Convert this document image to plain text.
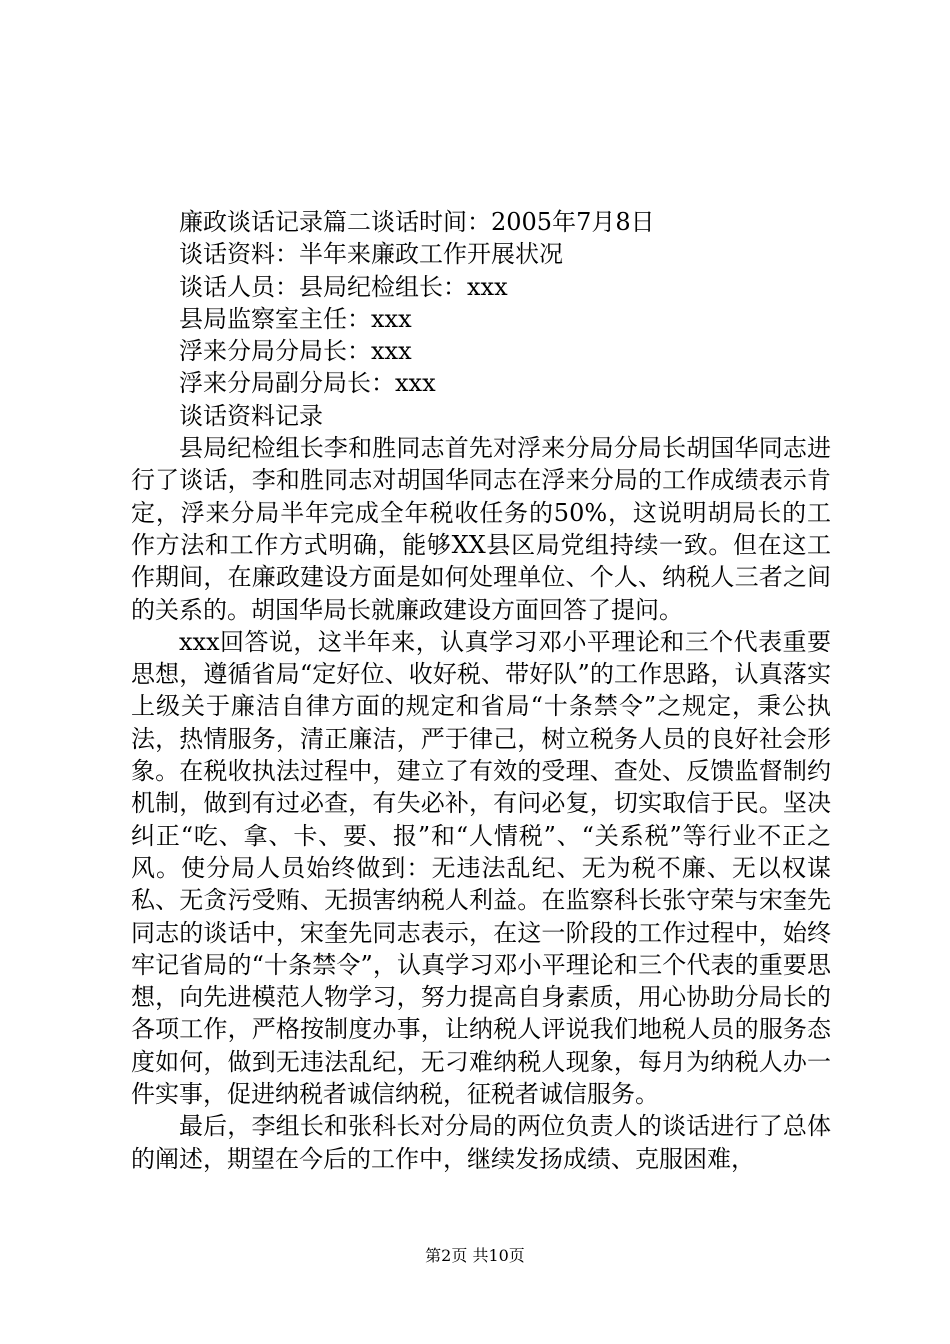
廉政谈话记录篇二谈话时间：2005年7月8日
谈话资料：半年来廉政工作开展状况
谈话人员：县局纪检组长：xxx
县局监察室主任：xxx
浮来分局分局长：xxx
浮来分局副分局长：xxx
谈话资料记录

县局纪检组长李和胜同志首先对浮来分局分局长胡国华同志进行了谈话，李和胜同志对胡国华同志在浮来分局的工作成绩表示肯定，浮来分局半年完成全年税收任务的50%，这说明胡局长的工作方法和工作方式明确，能够XX县区局党组持续一致。但在这工作期间，在廉政建设方面是如何处理单位、个人、纳税人三者之间的关系的。胡国华局长就廉政建设方面回答了提问。

xxx回答说，这半年来，认真学习邓小平理论和三个代表重要思想，遵循省局“定好位、收好税、带好队”的工作思路，认真落实上级关于廉洁自律方面的规定和省局“十条禁令”之规定，秉公执法，热情服务，清正廉洁，严于律己，树立税务人员的良好社会形象。在税收执法过程中，建立了有效的受理、查处、反馈监督制约机制，做到有过必查，有失必补，有问必复，切实取信于民。坚决纠正“吃、拿、卡、要、报”和“人情税”、“关系税”等行业不正之风。使分局人员始终做到：无违法乱纪、无为税不廉、无以权谋私、无贪污受贿、无损害纳税人利益。在监察科长张守荣与宋奎先同志的谈话中，宋奎先同志表示，在这一阶段的工作过程中，始终牢记省局的“十条禁令”，认真学习邓小平理论和三个代表的重要思想，向先进模范人物学习，努力提高自身素质，用心协助分局长的各项工作，严格按制度办事，让纳税人评说我们地税人员的服务态度如何，做到无违法乱纪，无刁难纳税人现象，每月为纳税人办一件实事，促进纳税者诚信纳税，征税者诚信服务。

最后，李组长和张科长对分局的两位负责人的谈话进行了总体的阐述，期望在今后的工作中，继续发扬成绩、克服困难，

第2页 共10页
